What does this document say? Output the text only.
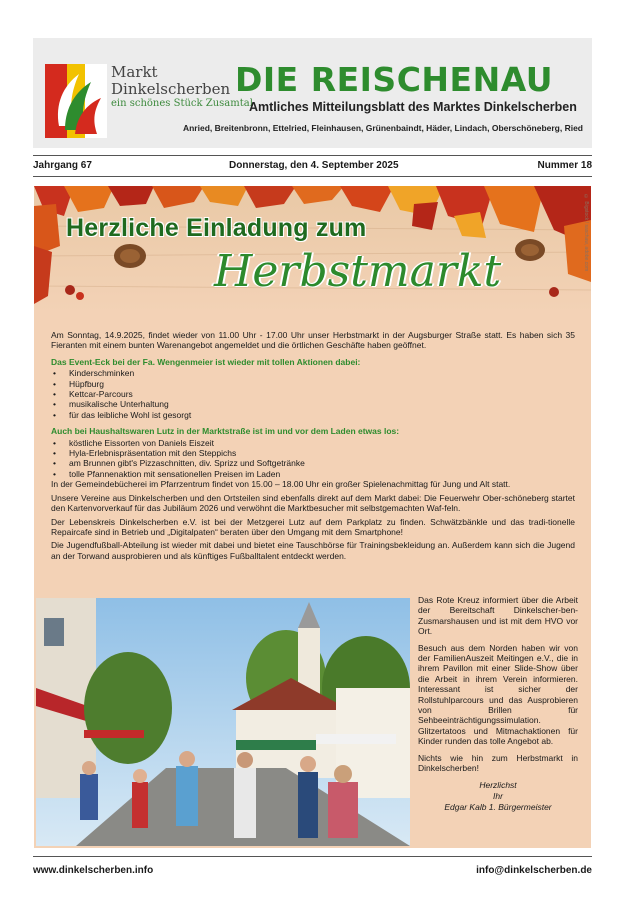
Markt
Dinkelscherben
ein schönes Stück Zusamtal
DIE REISCHENAU
Amtliches Mitteilungsblatt des Marktes Dinkelscherben
Anried, Breitenbronn, Ettelried, Fleinhausen, Grünenbaindt, Häder, Lindach, Oberschöneberg, Ried
Jahrgang 67	Donnerstag, den 4. September 2025	Nummer 18
© Bigstock / saschaw, adobe.com
Herzliche Einladung zum
Herbstmarkt

Am Sonntag, 14.9.2025, findet wieder von 11.00 Uhr - 17.00 Uhr unser Herbstmarkt in der Augsburger Straße statt. Es haben sich 35 Fieranten mit einem bunten Warenangebot angemeldet und die örtlichen Geschäfte haben geöffnet.

Das Event-Eck bei der Fa. Wengenmeier ist wieder mit tollen Aktionen dabei:
• Kinderschminken
• Hüpfburg
• Kettcar-Parcours
• musikalische Unterhaltung
• für das leibliche Wohl ist gesorgt
Auch bei Haushaltswaren Lutz in der Marktstraße ist im und vor dem Laden etwas los:
• köstliche Eissorten von Daniels Eiszeit
• Hyla-Erlebnispräsentation mit den Steppichs
• am Brunnen gibt's Pizzaschnitten, div. Sprizz und Softgetränke
• tolle Pfannenaktion mit sensationellen Preisen im Laden

In der Gemeindebücherei im Pfarrzentrum findet von 15.00 – 18.00 Uhr ein großer Spielenachmittag für Jung und Alt statt.

Unsere Vereine aus Dinkelscherben und den Ortsteilen sind ebenfalls direkt auf dem Markt dabei: Die Feuerwehr Ober-schöneberg startet den Kartenvorverkauf für das Jubiläum 2026 und verwöhnt die Marktbesucher mit selbstgemachten Waf-feln.

Der Lebenskreis Dinkelscherben e.V. ist bei der Metzgerei Lutz auf dem Parkplatz zu finden. Schwätzbänkle und das tradi-tionelle Repaircafe sind in Betrieb und „Digitalpaten“ beraten über den Umgang mit dem Smartphone!

Die Jugendfußball-Abteilung ist wieder mit dabei und bietet eine Tauschbörse für Trainingsbekleidung an. Außerdem kann sich die Jugend an der Torwand ausprobieren und als künftiges Fußballtalent entdeckt werden.

Das Rote Kreuz informiert über die Arbeit der Bereitschaft Dinkelscher-ben-Zusmarshausen und ist mit dem HVO vor Ort.

Besuch aus dem Norden haben wir von der FamilienAuszeit Meitingen e.V., die in ihrem Pavillon mit einer Slide-Show über die Arbeit in ihrem Verein informieren. Interessant ist sicher der Rollstuhlparcours und das Ausprobieren von Brillen für Sehbeeinträchtigungssimulation. Glitzertatoos und Mitmachaktionen für Kinder runden das tolle Angebot ab.

Nichts wie hin zum Herbstmarkt in Dinkelscherben!

Herzlichst
Ihr
Edgar Kalb 1. Bürgermeister
www.dinkelscherben.info	info@dinkelscherben.de
